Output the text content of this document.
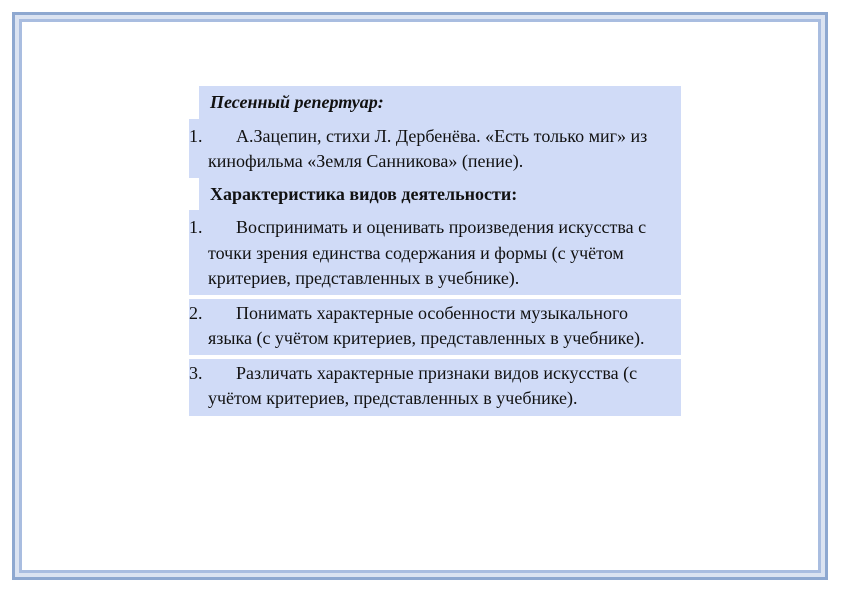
Песенный репертуар:
1.	А.Зацепин, стихи Л. Дербенёва. «Есть только миг» из кинофильма «Земля Санникова» (пение).
Характеристика видов деятельности:
1.	Воспринимать и оценивать произведения искусства с точки зрения единства содержания и формы (с учётом критериев, представленных в учебнике).
2.	Понимать характерные особенности музыкального языка (с учётом критериев, представленных в учебнике).
3.	Различать характерные признаки видов искусства (с учётом критериев, представленных в учебнике).
